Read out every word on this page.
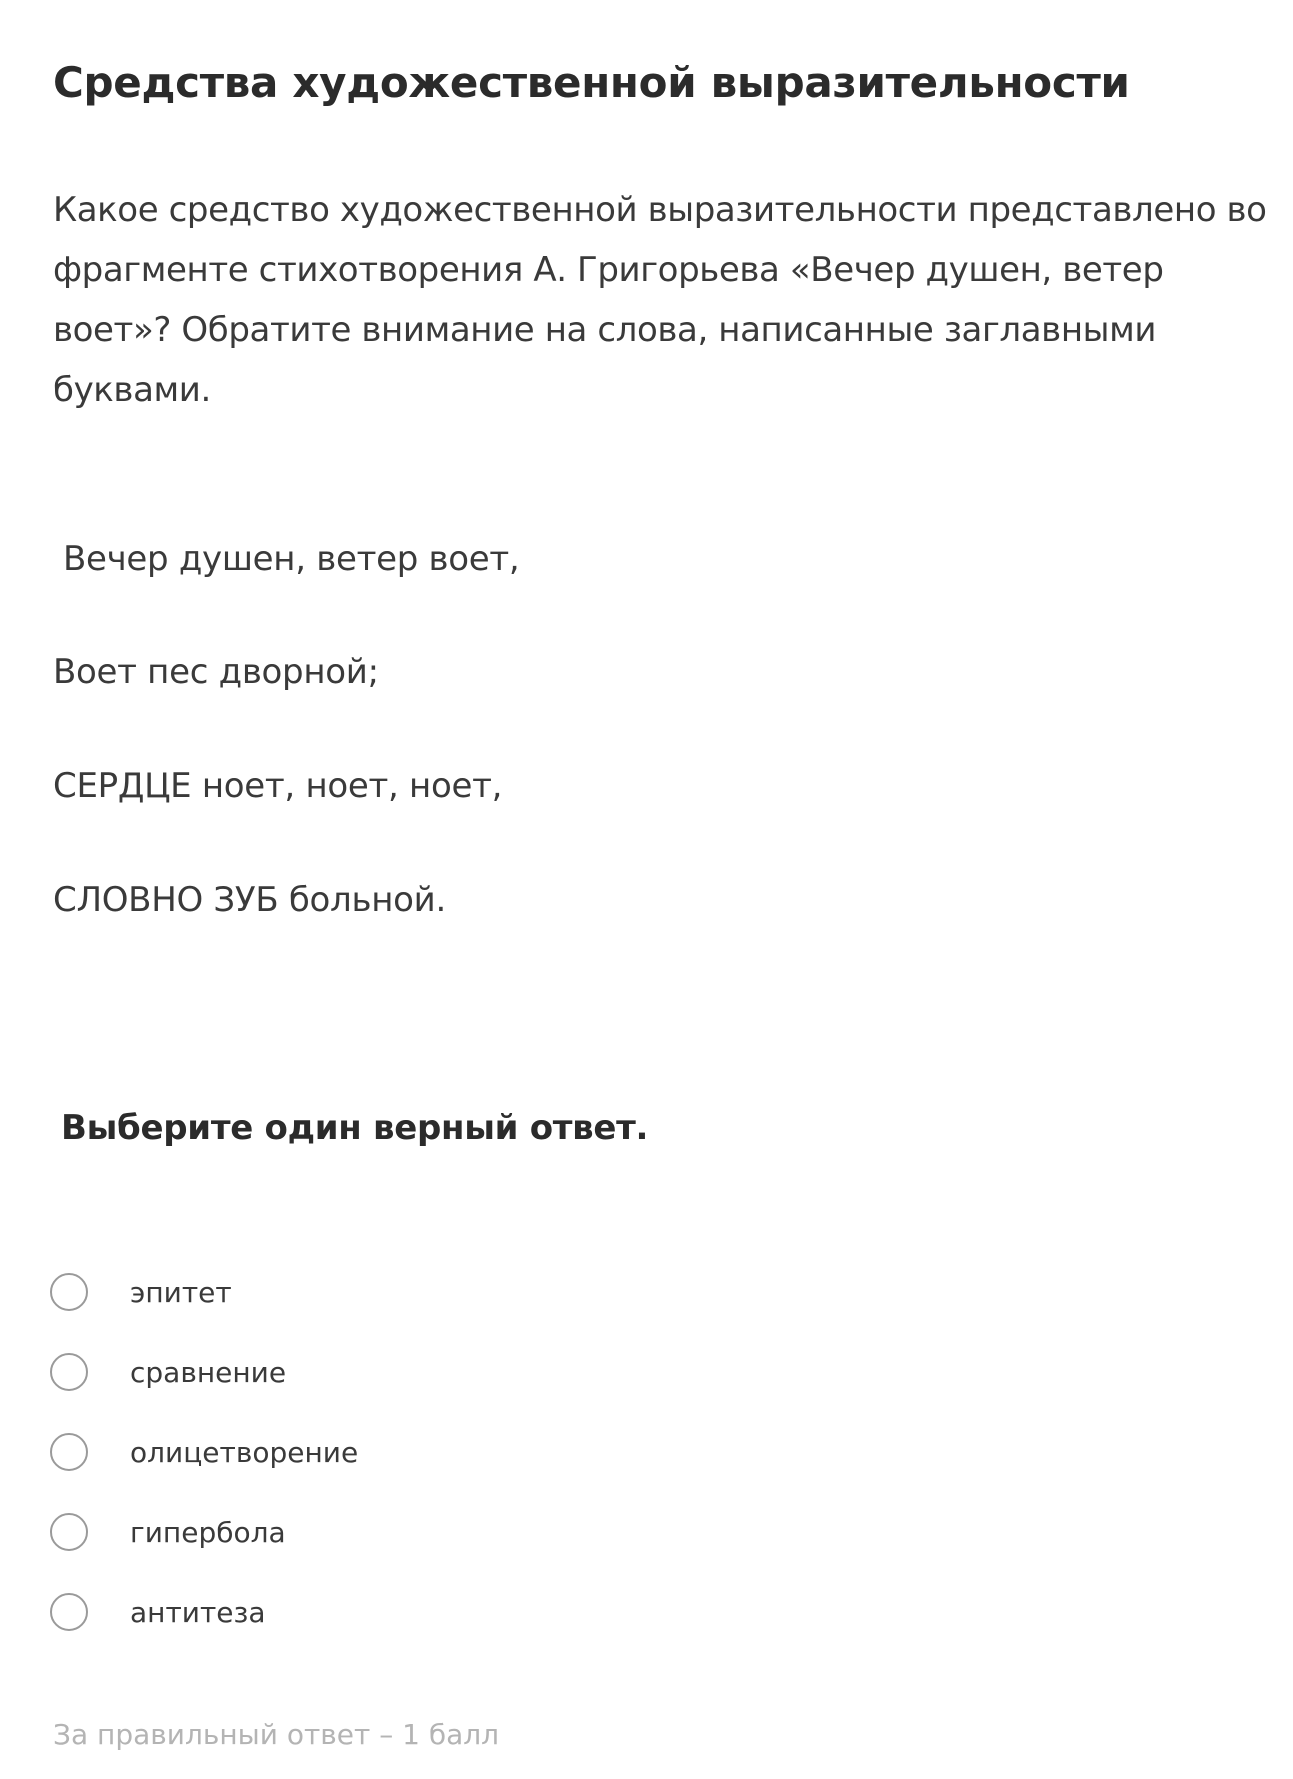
Средства художественной выразительности

Какое средство художественной выразительности представлено во фрагменте стихотворения А. Григорьева «Вечер душен, ветер воет»? Обратите внимание на слова, написанные заглавными буквами.

Вечер душен, ветер воет,

Воет пес дворной;

СЕРДЦЕ ноет, ноет, ноет,

СЛОВНО ЗУБ больной.

Выберите один верный ответ.

эпитет
сравнение
олицетворение
гипербола
антитеза

За правильный ответ – 1 балл
